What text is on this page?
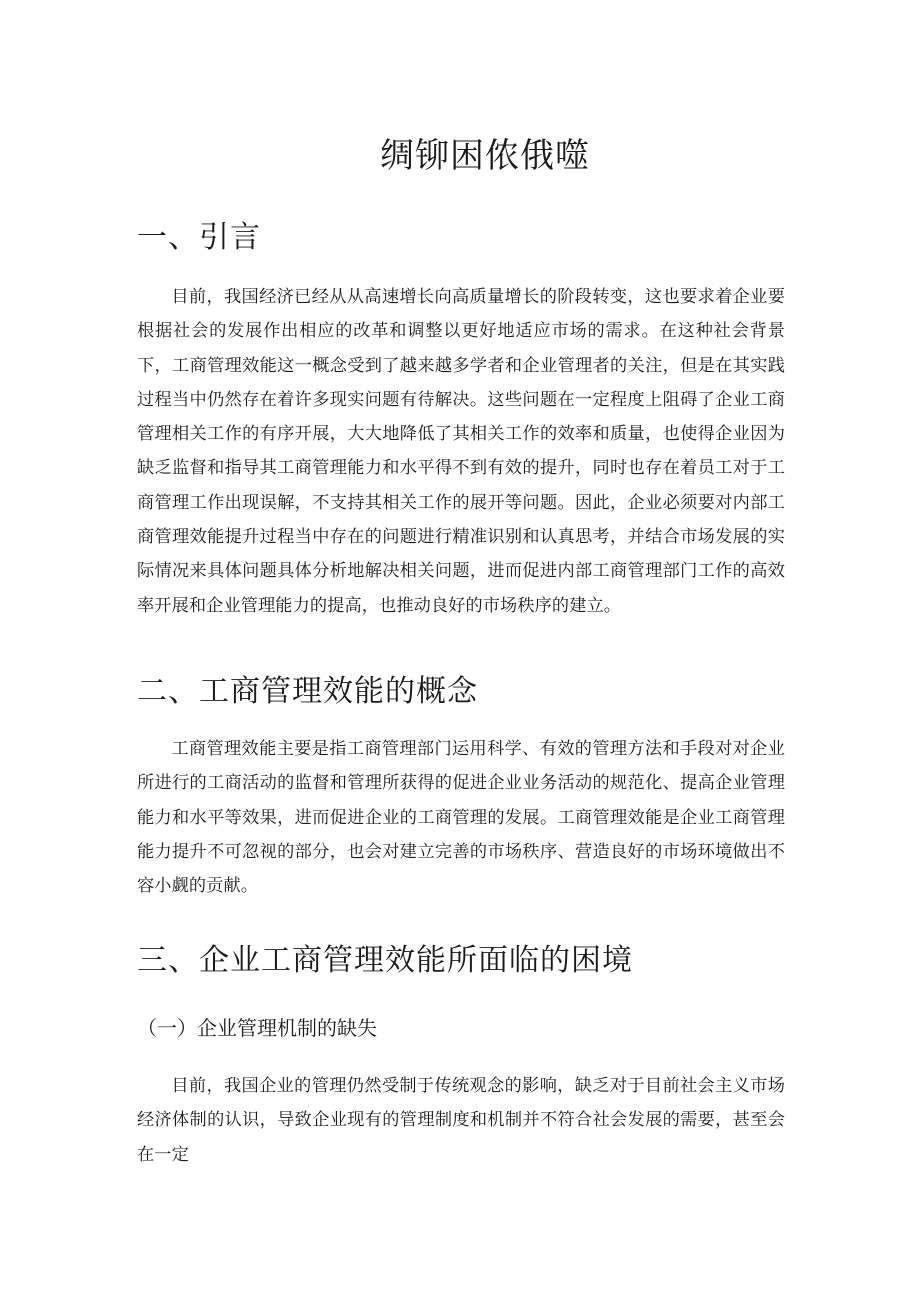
绸铆困侬俄噬
一、引言

目前，我国经济已经从从高速增长向高质量增长的阶段转变，这也要求着企业要根据社会的发展作出相应的改革和调整以更好地适应市场的需求。在这种社会背景下，工商管理效能这一概念受到了越来越多学者和企业管理者的关注，但是在其实践过程当中仍然存在着许多现实问题有待解决。这些问题在一定程度上阻碍了企业工商管理相关工作的有序开展，大大地降低了其相关工作的效率和质量，也使得企业因为缺乏监督和指导其工商管理能力和水平得不到有效的提升，同时也存在着员工对于工商管理工作出现误解，不支持其相关工作的展开等问题。因此，企业必须要对内部工商管理效能提升过程当中存在的问题进行精准识别和认真思考，并结合市场发展的实际情况来具体问题具体分析地解决相关问题，进而促进内部工商管理部门工作的高效率开展和企业管理能力的提高，也推动良好的市场秩序的建立。

二、工商管理效能的概念

工商管理效能主要是指工商管理部门运用科学、有效的管理方法和手段对对企业所进行的工商活动的监督和管理所获得的促进企业业务活动的规范化、提高企业管理能力和水平等效果，进而促进企业的工商管理的发展。工商管理效能是企业工商管理能力提升不可忽视的部分，也会对建立完善的市场秩序、营造良好的市场环境做出不容小觑的贡献。

三、企业工商管理效能所面临的困境
（一）企业管理机制的缺失

目前，我国企业的管理仍然受制于传统观念的影响，缺乏对于目前社会主义市场经济体制的认识，导致企业现有的管理制度和机制并不符合社会发展的需要，甚至会在一定
